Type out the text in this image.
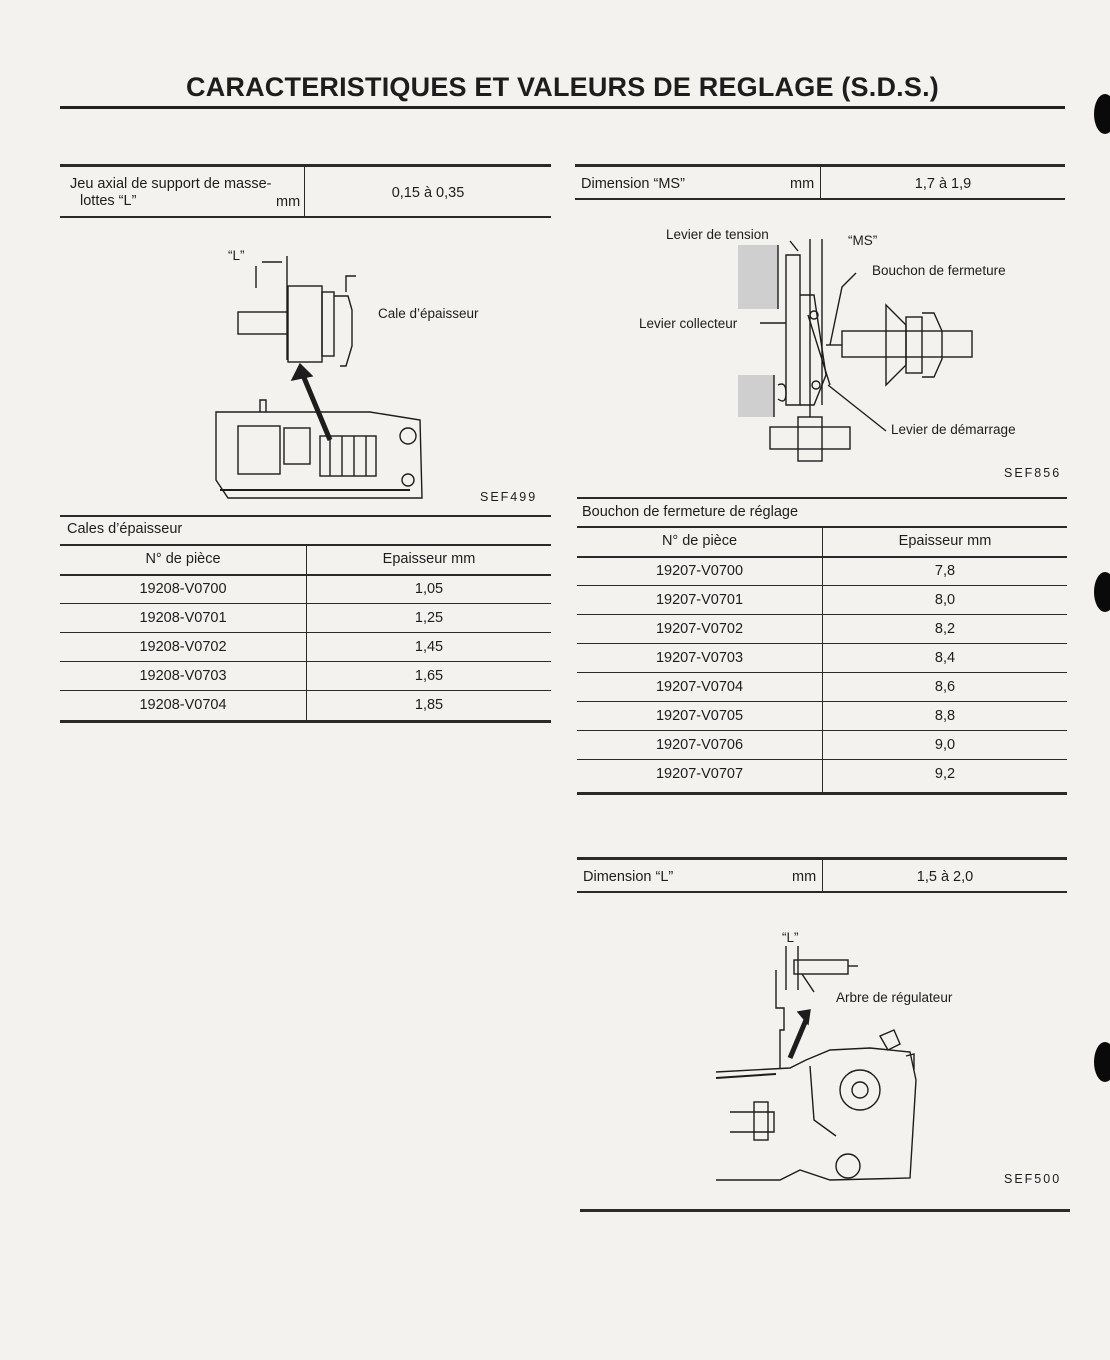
CARACTERISTIQUES ET VALEURS DE REGLAGE (S.D.S.)
Jeu axial de support de masse-
lottes “L”	mm
0,15 à 0,35
“L”
Cale d’épaisseur
SEF499
Cales d’épaisseur
N° de pièce	Epaisseur mm
19208-V0700	1,05
19208-V0701	1,25
19208-V0702	1,45
19208-V0703	1,65
19208-V0704	1,85
Dimension “MS”	mm	1,7 à 1,9
Levier de tension	“MS”
Bouchon de fermeture
Levier collecteur
Levier de démarrage
SEF856
Bouchon de fermeture de réglage
N° de pièce	Epaisseur mm
19207-V0700	7,8
19207-V0701	8,0
19207-V0702	8,2
19207-V0703	8,4
19207-V0704	8,6
19207-V0705	8,8
19207-V0706	9,0
19207-V0707	9,2
Dimension “L”	mm	1,5 à 2,0
“L”
Arbre de régulateur
SEF500
